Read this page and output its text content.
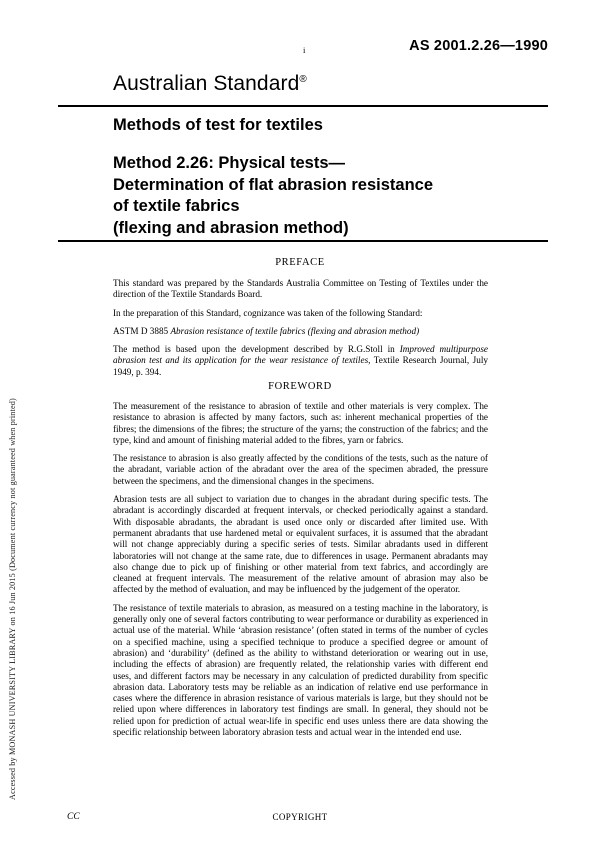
Accessed by MONASH UNIVERSITY LIBRARY on 16 Jun 2015 (Document currency not guaranteed when printed)
i	AS 2001.2.26—1990
Australian Standard®
Methods of test for textiles
Method 2.26: Physical tests—
Determination of flat abrasion resistance
of textile fabrics
(flexing and abrasion method)
PREFACE

This standard was prepared by the Standards Australia Committee on Testing of Textiles under the direction of the Textile Standards Board.

In the preparation of this Standard, cognizance was taken of the following Standard:

ASTM D 3885 Abrasion resistance of textile fabrics (flexing and abrasion method)

The method is based upon the development described by R.G.Stoll in Improved multipurpose abrasion test and its application for the wear resistance of textiles, Textile Research Journal, July 1949, p. 394.

FOREWORD

The measurement of the resistance to abrasion of textile and other materials is very complex. The resistance to abrasion is affected by many factors, such as: inherent mechanical properties of the fibres; the dimensions of the fibres; the structure of the yarns; the construction of the fabrics; and the type, kind and amount of finishing material added to the fibres, yarn or fabrics.

The resistance to abrasion is also greatly affected by the conditions of the tests, such as the nature of the abradant, variable action of the abradant over the area of the specimen abraded, the pressure between the specimens, and the dimensional changes in the specimens.

Abrasion tests are all subject to variation due to changes in the abradant during specific tests. The abradant is accordingly discarded at frequent intervals, or checked periodically against a standard. With disposable abradants, the abradant is used once only or discarded after limited use. With permanent abradants that use hardened metal or equivalent surfaces, it is assumed that the abradant will not change appreciably during a specific series of tests. Similar abradants used in different laboratories will not change at the same rate, due to differences in usage. Permanent abradants may also change due to pick up of finishing or other material from text fabrics, and accordingly are cleaned at frequent intervals. The measurement of the relative amount of abrasion may also be affected by the method of evaluation, and may be influenced by the judgement of the operator.

The resistance of textile materials to abrasion, as measured on a testing machine in the laboratory, is generally only one of several factors contributing to wear performance or durability as experienced in actual use of the material. While ‘abrasion resistance’ (often stated in terms of the number of cycles on a specified machine, using a specified technique to produce a specified degree or amount of abrasion) and ‘durability’ (defined as the ability to withstand deterioration or wearing out in use, including the effects of abrasion) are frequently related, the relationship varies with different end uses, and different factors may be necessary in any calculation of predicted durability from specific abrasion data. Laboratory tests may be reliable as an indication of relative end use performance in cases where the difference in abrasion resistance of various materials is large, but they should not be relied upon where differences in laboratory test findings are small. In general, they should not be relied upon for prediction of actual wear-life in specific end uses unless there are data showing the specific relationship between laboratory abrasion tests and actual wear in the intended end use.

CC	COPYRIGHT
